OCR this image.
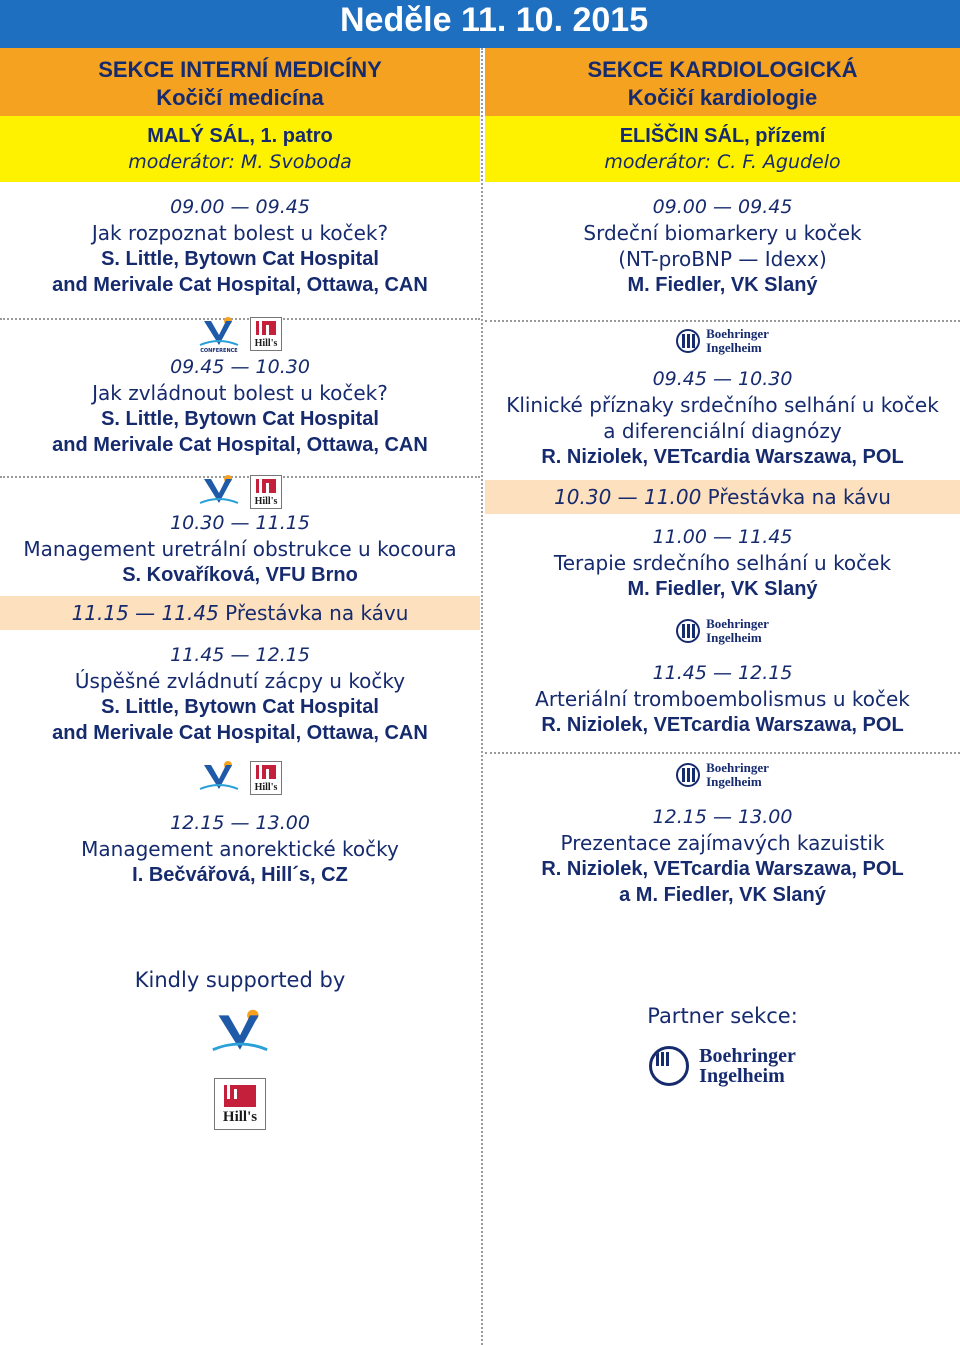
Neděle 11. 10. 2015
SEKCE INTERNÍ MEDICÍNY
Kočičí medicína
MALÝ SÁL, 1. patro
moderátor: M. Svoboda
09.00 — 09.45
Jak rozpoznat bolest u koček?
S. Little, Bytown Cat Hospital
and Merivale Cat Hospital, Ottawa, CAN
CONFERENCE
Hill's
09.45 — 10.30
Jak zvládnout bolest u koček?
S. Little, Bytown Cat Hospital
and Merivale Cat Hospital, Ottawa, CAN
Hill's
10.30 — 11.15
Management uretrální obstrukce u kocoura
S. Kovaříková, VFU Brno
11.15 — 11.45 Přestávka na kávu
11.45 — 12.15
Úspěšné zvládnutí zácpy u kočky
S. Little, Bytown Cat Hospital
and Merivale Cat Hospital, Ottawa, CAN
Hill's
12.15 — 13.00
Management anorektické kočky
I. Bečvářová, Hill´s, CZ
Kindly supported by
Hill's
SEKCE KARDIOLOGICKÁ
Kočičí kardiologie
ELIŠČIN SÁL, přízemí
moderátor: C. F. Agudelo
09.00 — 09.45
Srdeční biomarkery u koček
(NT-proBNP — Idexx)
M. Fiedler, VK Slaný
Boehringer
Ingelheim
09.45 — 10.30
Klinické příznaky srdečního selhání u koček
a diferenciální diagnózy
R. Niziolek, VETcardia Warszawa, POL
10.30 — 11.00 Přestávka na kávu
11.00 — 11.45
Terapie srdečního selhání u koček
M. Fiedler, VK Slaný
Boehringer
Ingelheim
11.45 — 12.15
Arteriální tromboembolismus u koček
R. Niziolek, VETcardia Warszawa, POL
Boehringer
Ingelheim
12.15 — 13.00
Prezentace zajímavých kazuistik
R. Niziolek, VETcardia Warszawa, POL
a M. Fiedler, VK Slaný
Partner sekce:
Boehringer
Ingelheim
